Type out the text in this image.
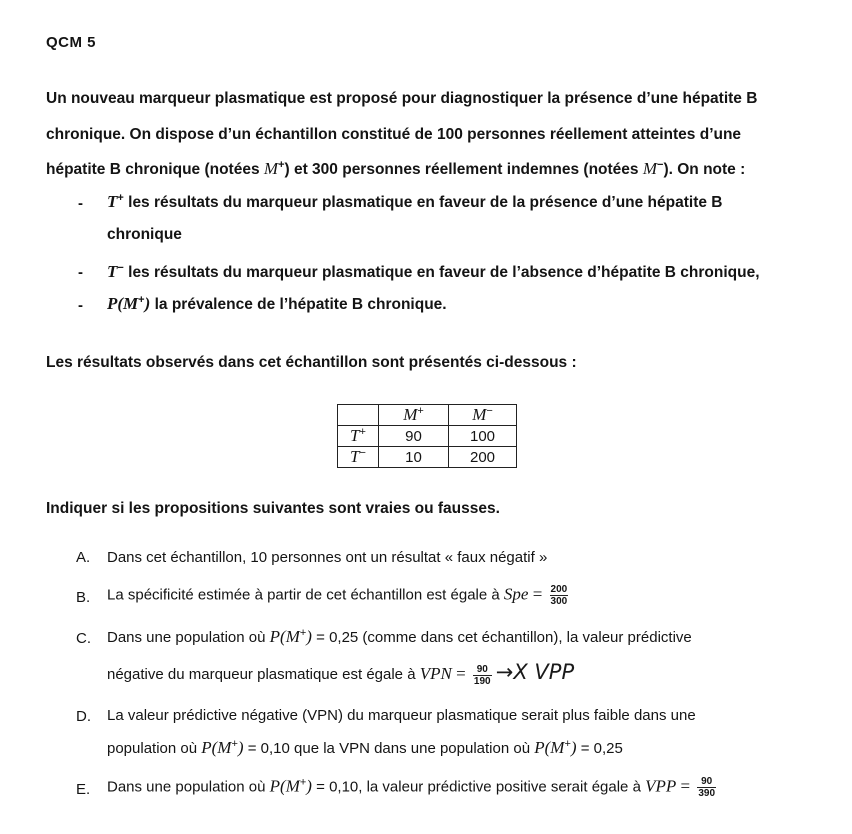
QCM 5
Un nouveau marqueur plasmatique est proposé pour diagnostiquer la présence d’une hépatite B
chronique. On dispose d’un échantillon constitué de 100 personnes réellement atteintes d’une
hépatite B chronique (notées M+) et 300 personnes réellement indemnes (notées M−). On note :
- T+ les résultats du marqueur plasmatique en faveur de la présence d’une hépatite B
chronique
- T− les résultats du marqueur plasmatique en faveur de l’absence d’hépatite B chronique,
- P(M+) la prévalence de l’hépatite B chronique.
Les résultats observés dans cet échantillon sont présentés ci-dessous :
	M+	M−
T+	90	100
T−	10	200
Indiquer si les propositions suivantes sont vraies ou fausses.
A. Dans cet échantillon, 10 personnes ont un résultat « faux négatif »
B. La spécificité estimée à partir de cet échantillon est égale à Spe = $\frac{200}{300}$
C. Dans une population où P(M+) = 0,25 (comme dans cet échantillon), la valeur prédictive
négative du marqueur plasmatique est égale à VPN = $\frac{90}{190} \to X$ VPP
D. La valeur prédictive négative (VPN) du marqueur plasmatique serait plus faible dans une
population où P(M+) = 0,10 que la VPN dans une population où P(M+) = 0,25
E. Dans une population où P(M+) = 0,10, la valeur prédictive positive serait égale à VPP = $\frac{90}{390}$
